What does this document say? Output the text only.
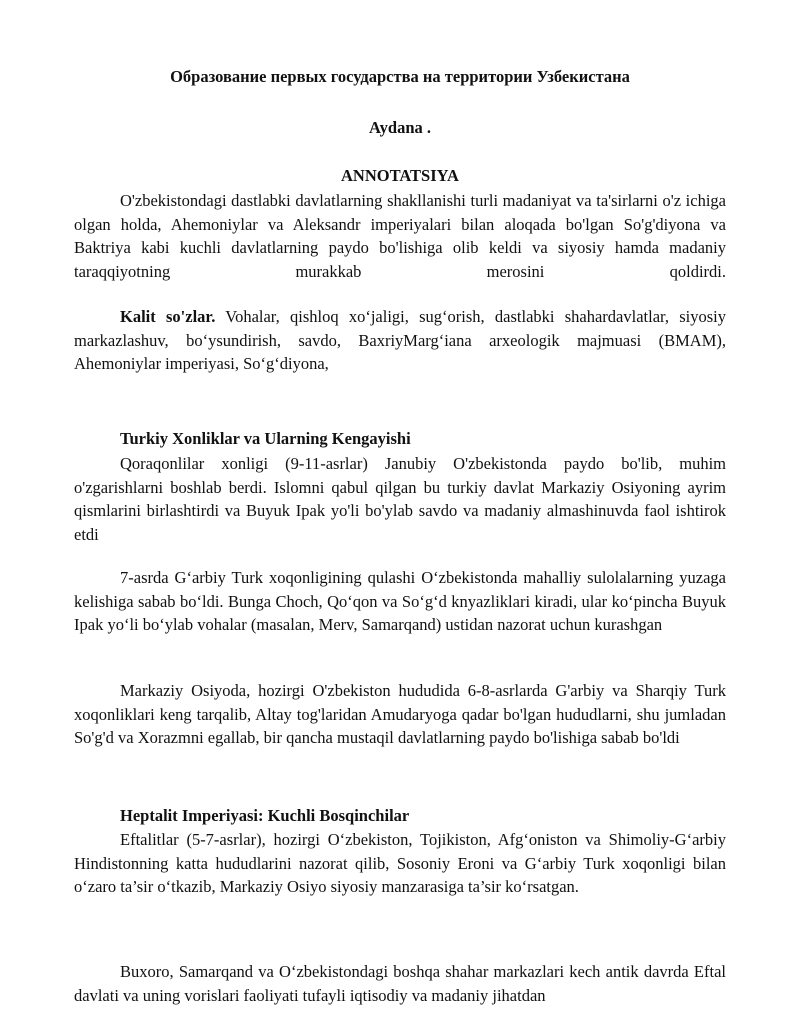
Образование первых государства на территории Узбекистана
Aydana .
ANNOTATSIYA
O'zbekistondagi dastlabki davlatlarning shakllanishi turli madaniyat va ta'sirlarni o'z ichiga olgan holda, Ahemoniylar va Aleksandr imperiyalari bilan aloqada bo'lgan So'g'diyona va Baktriya kabi kuchli davlatlarning paydo bo'lishiga olib keldi va siyosiy hamda madaniy taraqqiyotning murakkab merosini qoldirdi.
Kalit so'zlar. Vohalar, qishloq xo‘jaligi, sug‘orish, dastlabki shahardavlatlar, siyosiy markazlashuv, bo‘ysundirish, savdo, BaxriyMarg‘iana arxeologik majmuasi (BMAM), Ahemoniylar imperiyasi, So‘g‘diyona,
Turkiy Xonliklar va Ularning Kengayishi
Qoraqonlilar xonligi (9-11-asrlar) Janubiy O'zbekistonda paydo bo'lib, muhim o'zgarishlarni boshlab berdi. Islomni qabul qilgan bu turkiy davlat Markaziy Osiyoning ayrim qismlarini birlashtirdi va Buyuk Ipak yo'li bo'ylab savdo va madaniy almashinuvda faol ishtirok etdi
7-asrda G‘arbiy Turk xoqonligining qulashi O‘zbekistonda mahalliy sulolalarning yuzaga kelishiga sabab bo‘ldi. Bunga Choch, Qo‘qon va So‘g‘d knyazliklari kiradi, ular ko‘pincha Buyuk Ipak yo‘li bo‘ylab vohalar (masalan, Merv, Samarqand) ustidan nazorat uchun kurashgan
Markaziy Osiyoda, hozirgi O'zbekiston hududida 6-8-asrlarda G'arbiy va Sharqiy Turk xoqonliklari keng tarqalib, Altay tog'laridan Amudaryoga qadar bo'lgan hududlarni, shu jumladan So'g'd va Xorazmni egallab, bir qancha mustaqil davlatlarning paydo bo'lishiga sabab bo'ldi
Heptalit Imperiyasi: Kuchli Bosqinchilar
Eftalitlar (5-7-asrlar), hozirgi O‘zbekiston, Tojikiston, Afg‘oniston va Shimoliy-G‘arbiy Hindistonning katta hududlarini nazorat qilib, Sosoniy Eroni va G‘arbiy Turk xoqonligi bilan o‘zaro ta’sir o‘tkazib, Markaziy Osiyo siyosiy manzarasiga ta’sir ko‘rsatgan.
Buxoro, Samarqand va O‘zbekistondagi boshqa shahar markazlari kech antik davrda Eftal davlati va uning vorislari faoliyati tufayli iqtisodiy va madaniy jihatdan
